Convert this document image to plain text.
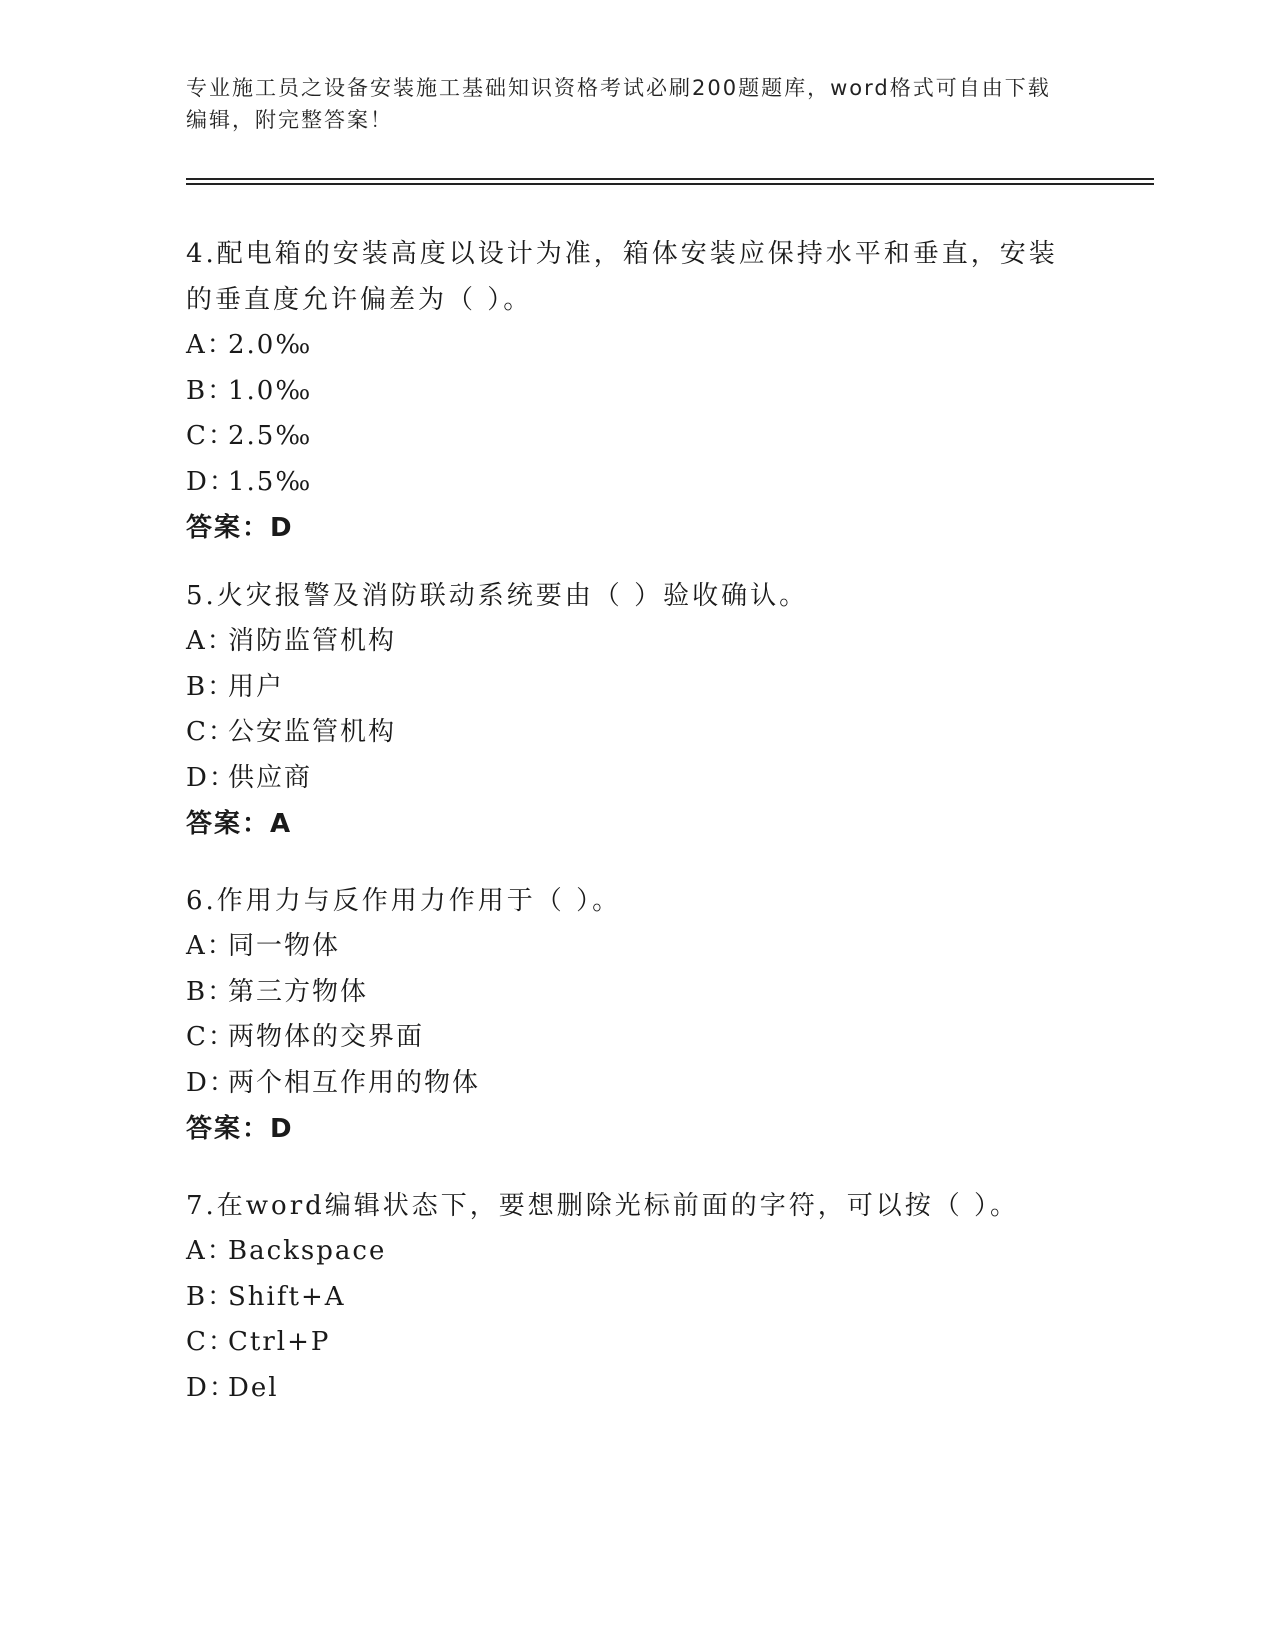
专业施工员之设备安装施工基础知识资格考试必刷200题题库，word格式可自由下载编辑，附完整答案！

4.配电箱的安装高度以设计为准，箱体安装应保持水平和垂直，安装的垂直度允许偏差为（ ）。

A：2.0‰

B：1.0‰

C：2.5‰

D：1.5‰

答案：D

5.火灾报警及消防联动系统要由（ ）验收确认。

A：消防监管机构

B：用户

C：公安监管机构

D：供应商

答案：A

6.作用力与反作用力作用于（ ）。

A：同一物体

B：第三方物体

C：两物体的交界面

D：两个相互作用的物体

答案：D

7.在word编辑状态下，要想删除光标前面的字符，可以按（ ）。

A：Backspace

B：Shift+A

C：Ctrl+P

D：Del
